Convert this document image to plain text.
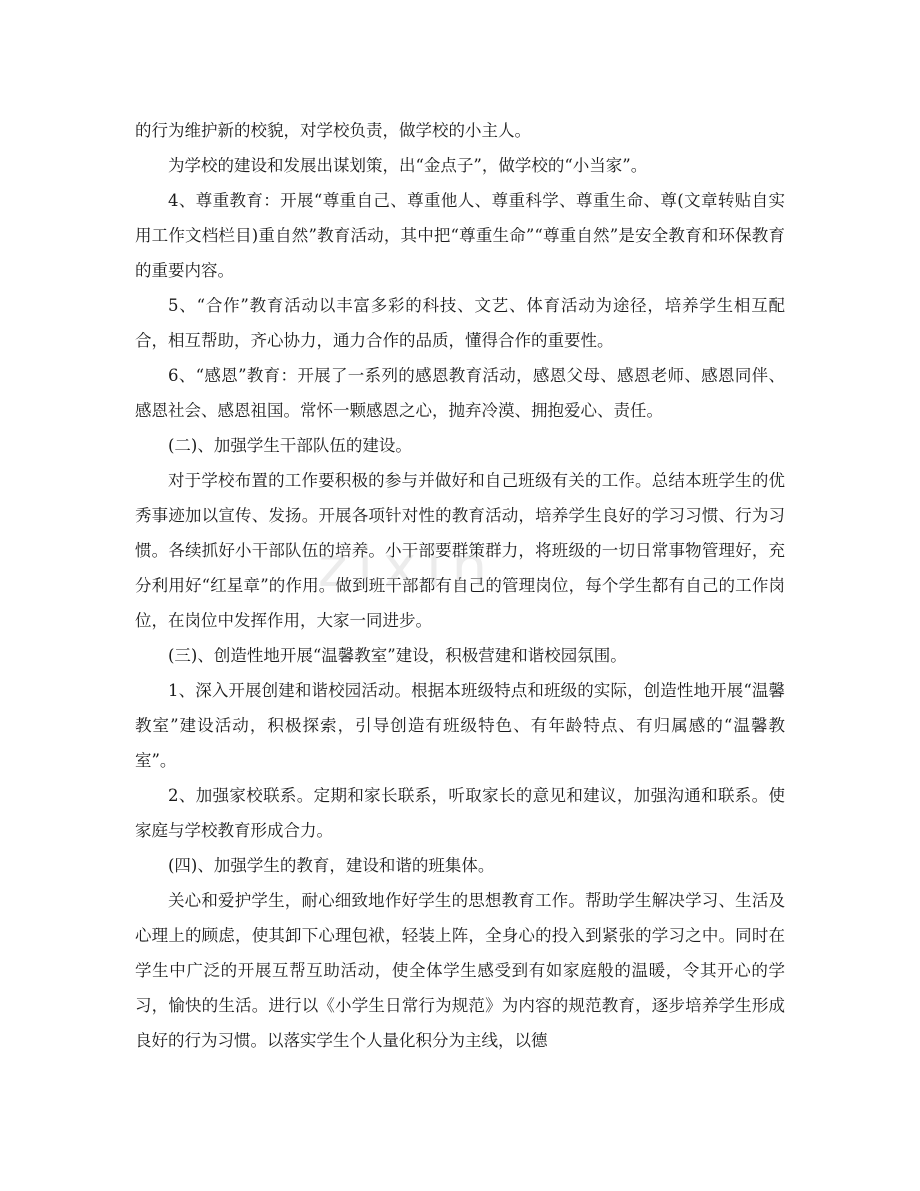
的行为维护新的校貌，对学校负责，做学校的小主人。

为学校的建设和发展出谋划策，出“金点子”，做学校的“小当家”。

4、尊重教育：开展“尊重自己、尊重他人、尊重科学、尊重生命、尊(文章转贴自实用工作文档栏目)重自然”教育活动，其中把“尊重生命”“尊重自然”是安全教育和环保教育的重要内容。

5、“合作”教育活动以丰富多彩的科技、文艺、体育活动为途径，培养学生相互配合，相互帮助，齐心协力，通力合作的品质，懂得合作的重要性。

6、“感恩”教育：开展了一系列的感恩教育活动，感恩父母、感恩老师、感恩同伴、感恩社会、感恩祖国。常怀一颗感恩之心，抛弃冷漠、拥抱爱心、责任。

(二)、加强学生干部队伍的建设。

对于学校布置的工作要积极的参与并做好和自己班级有关的工作。总结本班学生的优秀事迹加以宣传、发扬。开展各项针对性的教育活动，培养学生良好的学习习惯、行为习惯。各续抓好小干部队伍的培养。小干部要群策群力，将班级的一切日常事物管理好，充分利用好“红星章”的作用。做到班干部都有自己的管理岗位，每个学生都有自己的工作岗位，在岗位中发挥作用，大家一同进步。

(三)、创造性地开展“温馨教室”建设，积极营建和谐校园氛围。

1、深入开展创建和谐校园活动。根据本班级特点和班级的实际，创造性地开展“温馨教室”建设活动，积极探索，引导创造有班级特色、有年龄特点、有归属感的“温馨教室”。

2、加强家校联系。定期和家长联系，听取家长的意见和建议，加强沟通和联系。使家庭与学校教育形成合力。

(四)、加强学生的教育，建设和谐的班集体。

关心和爱护学生，耐心细致地作好学生的思想教育工作。帮助学生解决学习、生活及心理上的顾虑，使其卸下心理包袱，轻装上阵，全身心的投入到紧张的学习之中。同时在学生中广泛的开展互帮互助活动，使全体学生感受到有如家庭般的温暖，令其开心的学习，愉快的生活。进行以《小学生日常行为规范》为内容的规范教育，逐步培养学生形成良好的行为习惯。以落实学生个人量化积分为主线，以德

zixin
